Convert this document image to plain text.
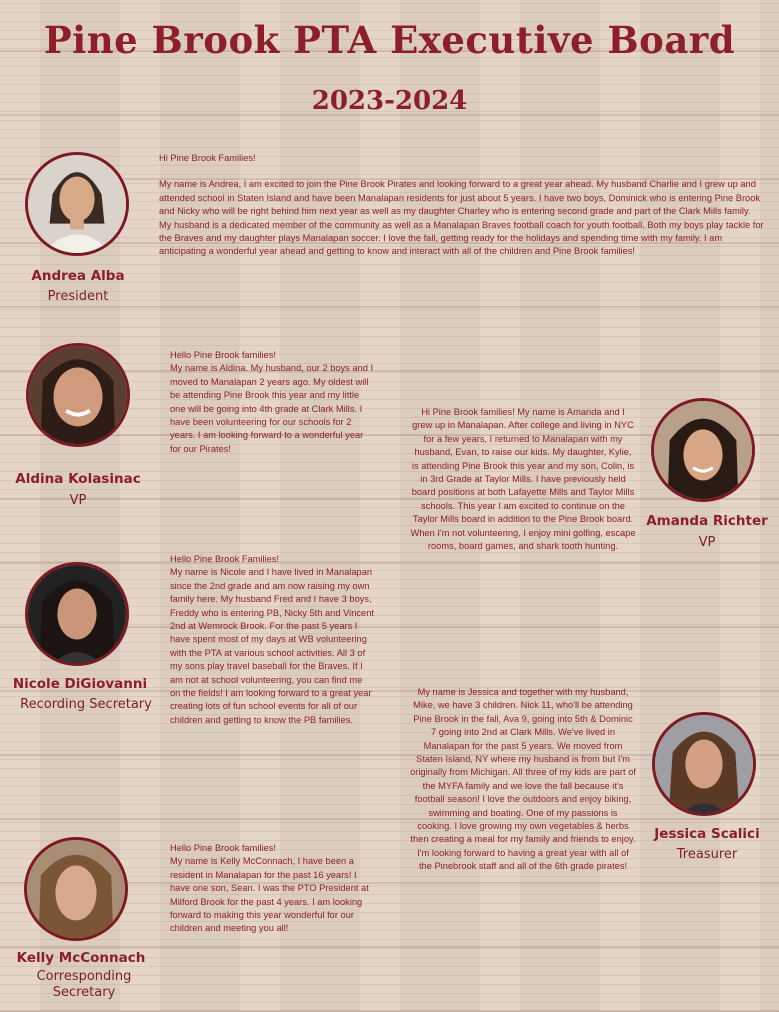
Pine Brook PTA Executive Board
2023-2024
Andrea Alba
President

Hi Pine Brook Families!

My name is Andrea, I am excited to join the Pine Brook Pirates and looking forward to a great year ahead. My husband Charlie and I grew up and attended school in Staten Island and have been Manalapan residents for just about 5 years. I have two boys, Dominick who is entering Pine Brook and Nicky who will be right behind him next year as well as my daughter Charley who is entering second grade and part of the Clark Mills family. My husband is a dedicated member of the community as well as a Manalapan Braves football coach for youth football. Both my boys play tackle for the Braves and my daughter plays Manalapan soccer. I love the fall, getting ready for the holidays and spending time with my family. I am anticipating a wonderful year ahead and getting to know and interact with all of the children and Pine Brook families!

Aldina Kolasinac
VP

Hello Pine Brook families!

My name is Aldina. My husband, our 2 boys and I moved to Manalapan 2 years ago. My oldest will be attending Pine Brook this year and my little one will be going into 4th grade at Clark Mills. I have been volunteering for our schools for 2 years. I am looking forward to a wonderful year for our Pirates!

Amanda Richter
VP

Hi Pine Brook families! My name is Amanda and I grew up in Manalapan. After college and living in NYC for a few years, I returned to Manalapan with my husband, Evan, to raise our kids. My daughter, Kylie, is attending Pine Brook this year and my son, Colin, is in 3rd Grade at Taylor Mills. I have previously held board positions at both Lafayette Mills and Taylor Mills schools. This year I am excited to continue on the Taylor Mills board in addition to the Pine Brook board. When I'm not volunteering, I enjoy mini golfing, escape rooms, board games, and shark tooth hunting.

Nicole DiGiovanni
Recording Secretary

Hello Pine Brook Families!

My name is Nicole and I have lived in Manalapan since the 2nd grade and am now raising my own family here. My husband Fred and I have 3 boys, Freddy who is entering PB, Nicky 5th and Vincent 2nd at Wemrock Brook. For the past 5 years I have spent most of my days at WB volunteering with the PTA at various school activities. All 3 of my sons play travel baseball for the Braves. If I am not at school volunteering, you can find me on the fields! I am looking forward to a great year creating lots of fun school events for all of our children and getting to know the PB families.

Jessica Scalici
Treasurer

My name is Jessica and together with my husband, Mike, we have 3 children. Nick 11, who'll be attending Pine Brook in the fall, Ava 9, going into 5th & Dominic 7 going into 2nd at Clark Mills. We've lived in Manalapan for the past 5 years. We moved from Staten Island, NY where my husband is from but I'm originally from Michigan. All three of my kids are part of the MYFA family and we love the fall because it's football season! I love the outdoors and enjoy biking, swimming and boating. One of my passions is cooking. I love growing my own vegetables & herbs then creating a meal for my family and friends to enjoy. I'm looking forward to having a great year with all of the Pinebrook staff and all of the 6th grade pirates!

Kelly McConnach
Corresponding Secretary

Hello Pine Brook families!

My name is Kelly McConnach, I have been a resident in Manalapan for the past 16 years! I have one son, Sean. I was the PTO President at Milford Brook for the past 4 years. I am looking forward to making this year wonderful for our children and meeting you all!
